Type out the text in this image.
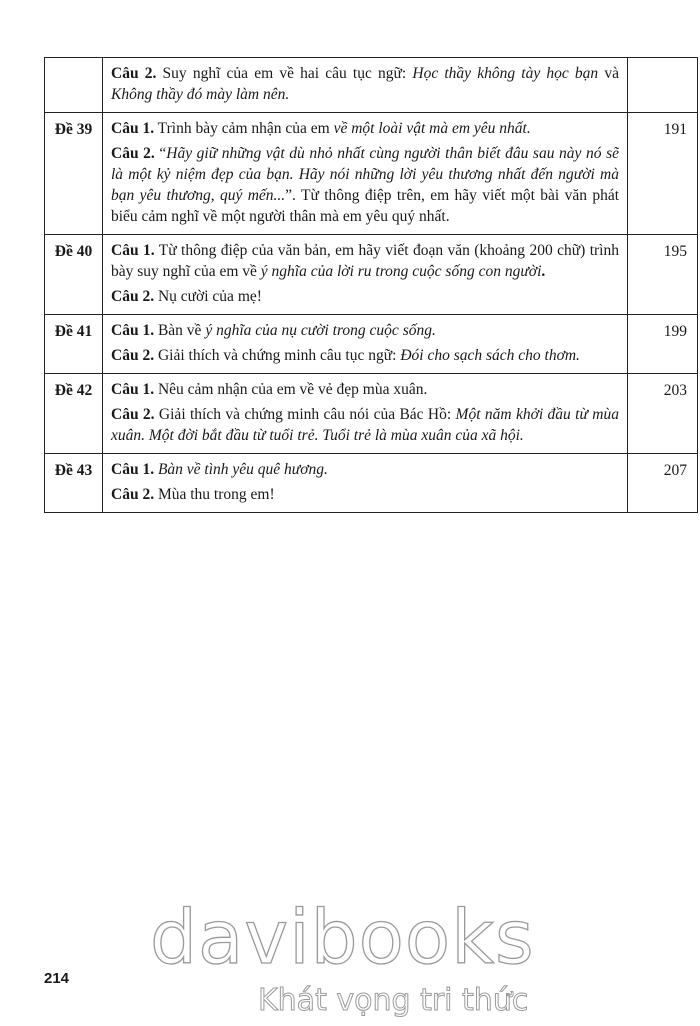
	Câu 2. Suy nghĩ của em về hai câu tục ngữ: Học thầy không tày học bạn và Không thầy đó mày làm nên.	

Đề 39	Câu 1. Trình bày cảm nhận của em về một loài vật mà em yêu nhất.
Câu 2. “Hãy giữ những vật dù nhỏ nhất cùng người thân biết đâu sau này nó sẽ là một kỷ niệm đẹp của bạn. Hãy nói những lời yêu thương nhất đến người mà bạn yêu thương, quý mến...”. Từ thông điệp trên, em hãy viết một bài văn phát biểu cảm nghĩ về một người thân mà em yêu quý nhất.	191
Đề 40	Câu 1. Từ thông điệp của văn bản, em hãy viết đoạn văn (khoảng 200 chữ) trình bày suy nghĩ của em về ý nghĩa của lời ru trong cuộc sống con người.
Câu 2. Nụ cười của mẹ!	195
Đề 41	Câu 1. Bàn về ý nghĩa của nụ cười trong cuộc sống.
Câu 2. Giải thích và chứng minh câu tục ngữ: Đói cho sạch sách cho thơm.	199
Đề 42	Câu 1. Nêu cảm nhận của em về vẻ đẹp mùa xuân.
Câu 2. Giải thích và chứng minh câu nói của Bác Hồ: Một năm khởi đầu từ mùa xuân. Một đời bắt đầu từ tuổi trẻ. Tuổi trẻ là mùa xuân của xã hội.	203
Đề 43	Câu 1. Bàn về tình yêu quê hương.
Câu 2. Mùa thu trong em!	207
214 davibooks
Khát vọng tri thức
